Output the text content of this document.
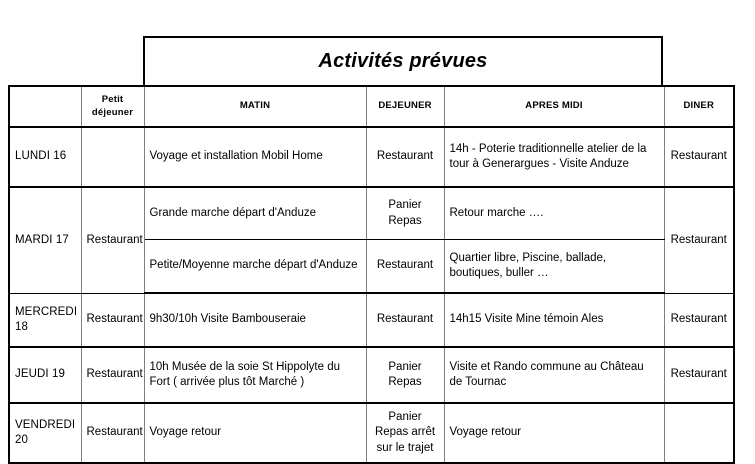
Activités prévues
	Petit déjeuner	MATIN	DEJEUNER	APRES MIDI	DINER
LUNDI 16		Voyage et installation Mobil Home	Restaurant	14h - Poterie traditionnelle atelier de la tour à Generargues - Visite Anduze	Restaurant
MARDI 17	Restaurant	Grande marche départ d'Anduze	Panier Repas	Retour marche ….	Restaurant
		Petite/Moyenne marche départ d'Anduze	Restaurant	Quartier libre, Piscine, ballade, boutiques, buller …	
MERCREDI 18	Restaurant	9h30/10h Visite Bambouseraie	Restaurant	14h15 Visite Mine témoin Ales	Restaurant
JEUDI 19	Restaurant	10h Musée de la soie St Hippolyte du Fort ( arrivée plus tôt Marché )	Panier Repas	Visite et Rando commune au Château de Tournac	Restaurant
VENDREDI 20	Restaurant	Voyage retour	Panier Repas arrêt sur le trajet	Voyage retour	
